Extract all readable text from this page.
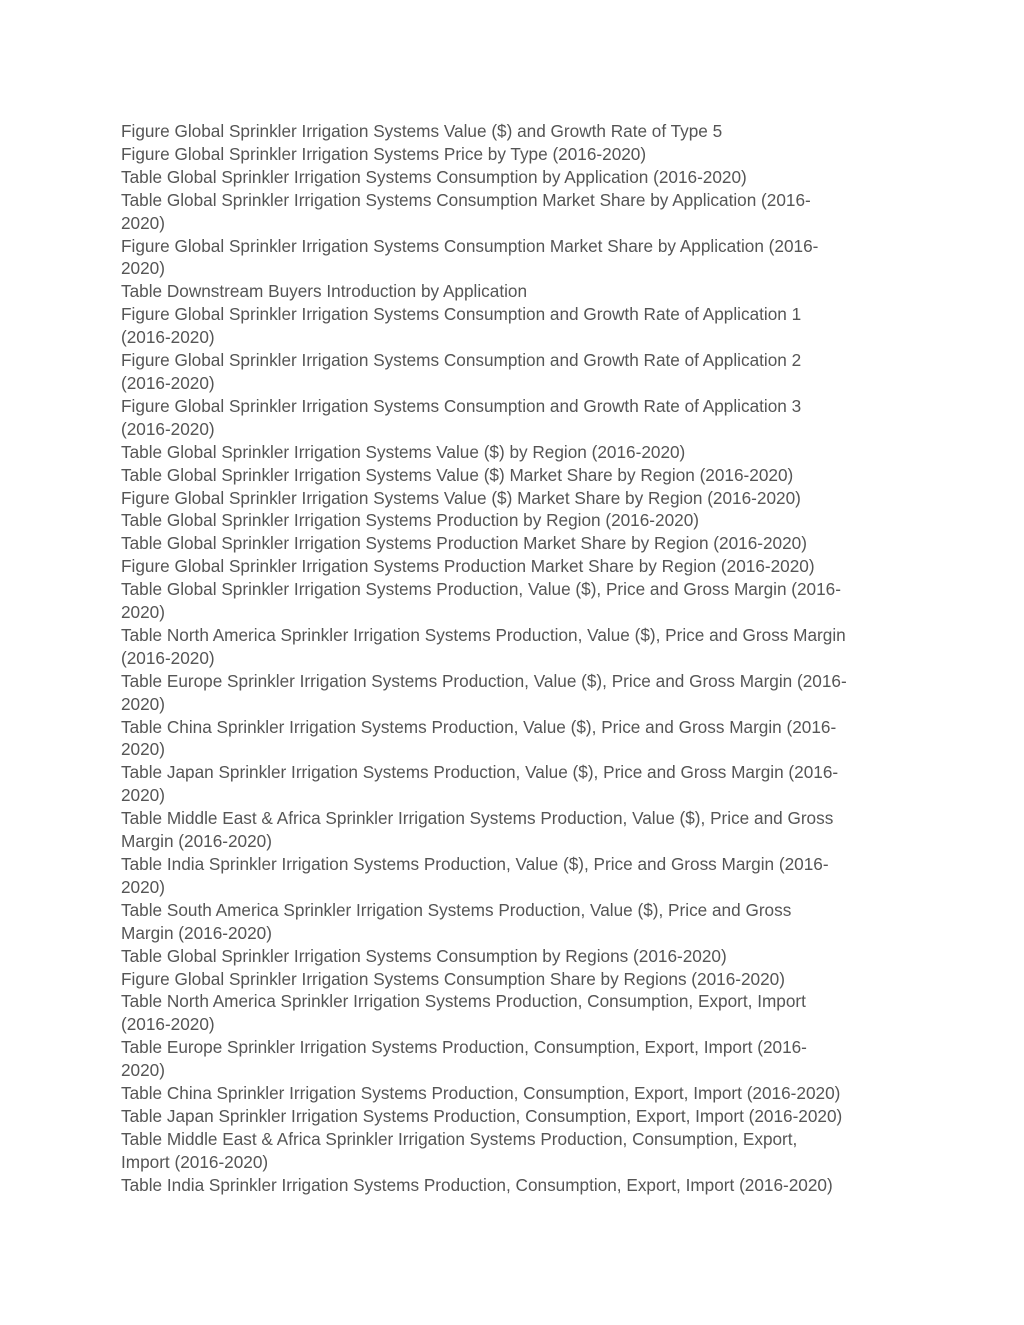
Figure Global Sprinkler Irrigation Systems Value ($) and Growth Rate of Type 5

Figure Global Sprinkler Irrigation Systems Price by Type (2016-2020)

Table Global Sprinkler Irrigation Systems Consumption by Application (2016-2020)

Table Global Sprinkler Irrigation Systems Consumption Market Share by Application (2016-

2020)

Figure Global Sprinkler Irrigation Systems Consumption Market Share by Application (2016-

2020)

Table Downstream Buyers Introduction by Application

Figure Global Sprinkler Irrigation Systems Consumption and Growth Rate of Application 1

(2016-2020)

Figure Global Sprinkler Irrigation Systems Consumption and Growth Rate of Application 2

(2016-2020)

Figure Global Sprinkler Irrigation Systems Consumption and Growth Rate of Application 3

(2016-2020)

Table Global Sprinkler Irrigation Systems Value ($) by Region (2016-2020)

Table Global Sprinkler Irrigation Systems Value ($) Market Share by Region (2016-2020)

Figure Global Sprinkler Irrigation Systems Value ($) Market Share by Region (2016-2020)

Table Global Sprinkler Irrigation Systems Production by Region (2016-2020)

Table Global Sprinkler Irrigation Systems Production Market Share by Region (2016-2020)

Figure Global Sprinkler Irrigation Systems Production Market Share by Region (2016-2020)

Table Global Sprinkler Irrigation Systems Production, Value ($), Price and Gross Margin (2016-

2020)

Table North America Sprinkler Irrigation Systems Production, Value ($), Price and Gross Margin

(2016-2020)

Table Europe Sprinkler Irrigation Systems Production, Value ($), Price and Gross Margin (2016-

2020)

Table China Sprinkler Irrigation Systems Production, Value ($), Price and Gross Margin (2016-

2020)

Table Japan Sprinkler Irrigation Systems Production, Value ($), Price and Gross Margin (2016-

2020)

Table Middle East & Africa Sprinkler Irrigation Systems Production, Value ($), Price and Gross

Margin (2016-2020)

Table India Sprinkler Irrigation Systems Production, Value ($), Price and Gross Margin (2016-

2020)

Table South America Sprinkler Irrigation Systems Production, Value ($), Price and Gross

Margin (2016-2020)

Table Global Sprinkler Irrigation Systems Consumption by Regions (2016-2020)

Figure Global Sprinkler Irrigation Systems Consumption Share by Regions (2016-2020)

Table North America Sprinkler Irrigation Systems Production, Consumption, Export, Import

(2016-2020)

Table Europe Sprinkler Irrigation Systems Production, Consumption, Export, Import (2016-

2020)

Table China Sprinkler Irrigation Systems Production, Consumption, Export, Import (2016-2020)

Table Japan Sprinkler Irrigation Systems Production, Consumption, Export, Import (2016-2020)

Table Middle East & Africa Sprinkler Irrigation Systems Production, Consumption, Export,

Import (2016-2020)

Table India Sprinkler Irrigation Systems Production, Consumption, Export, Import (2016-2020)
